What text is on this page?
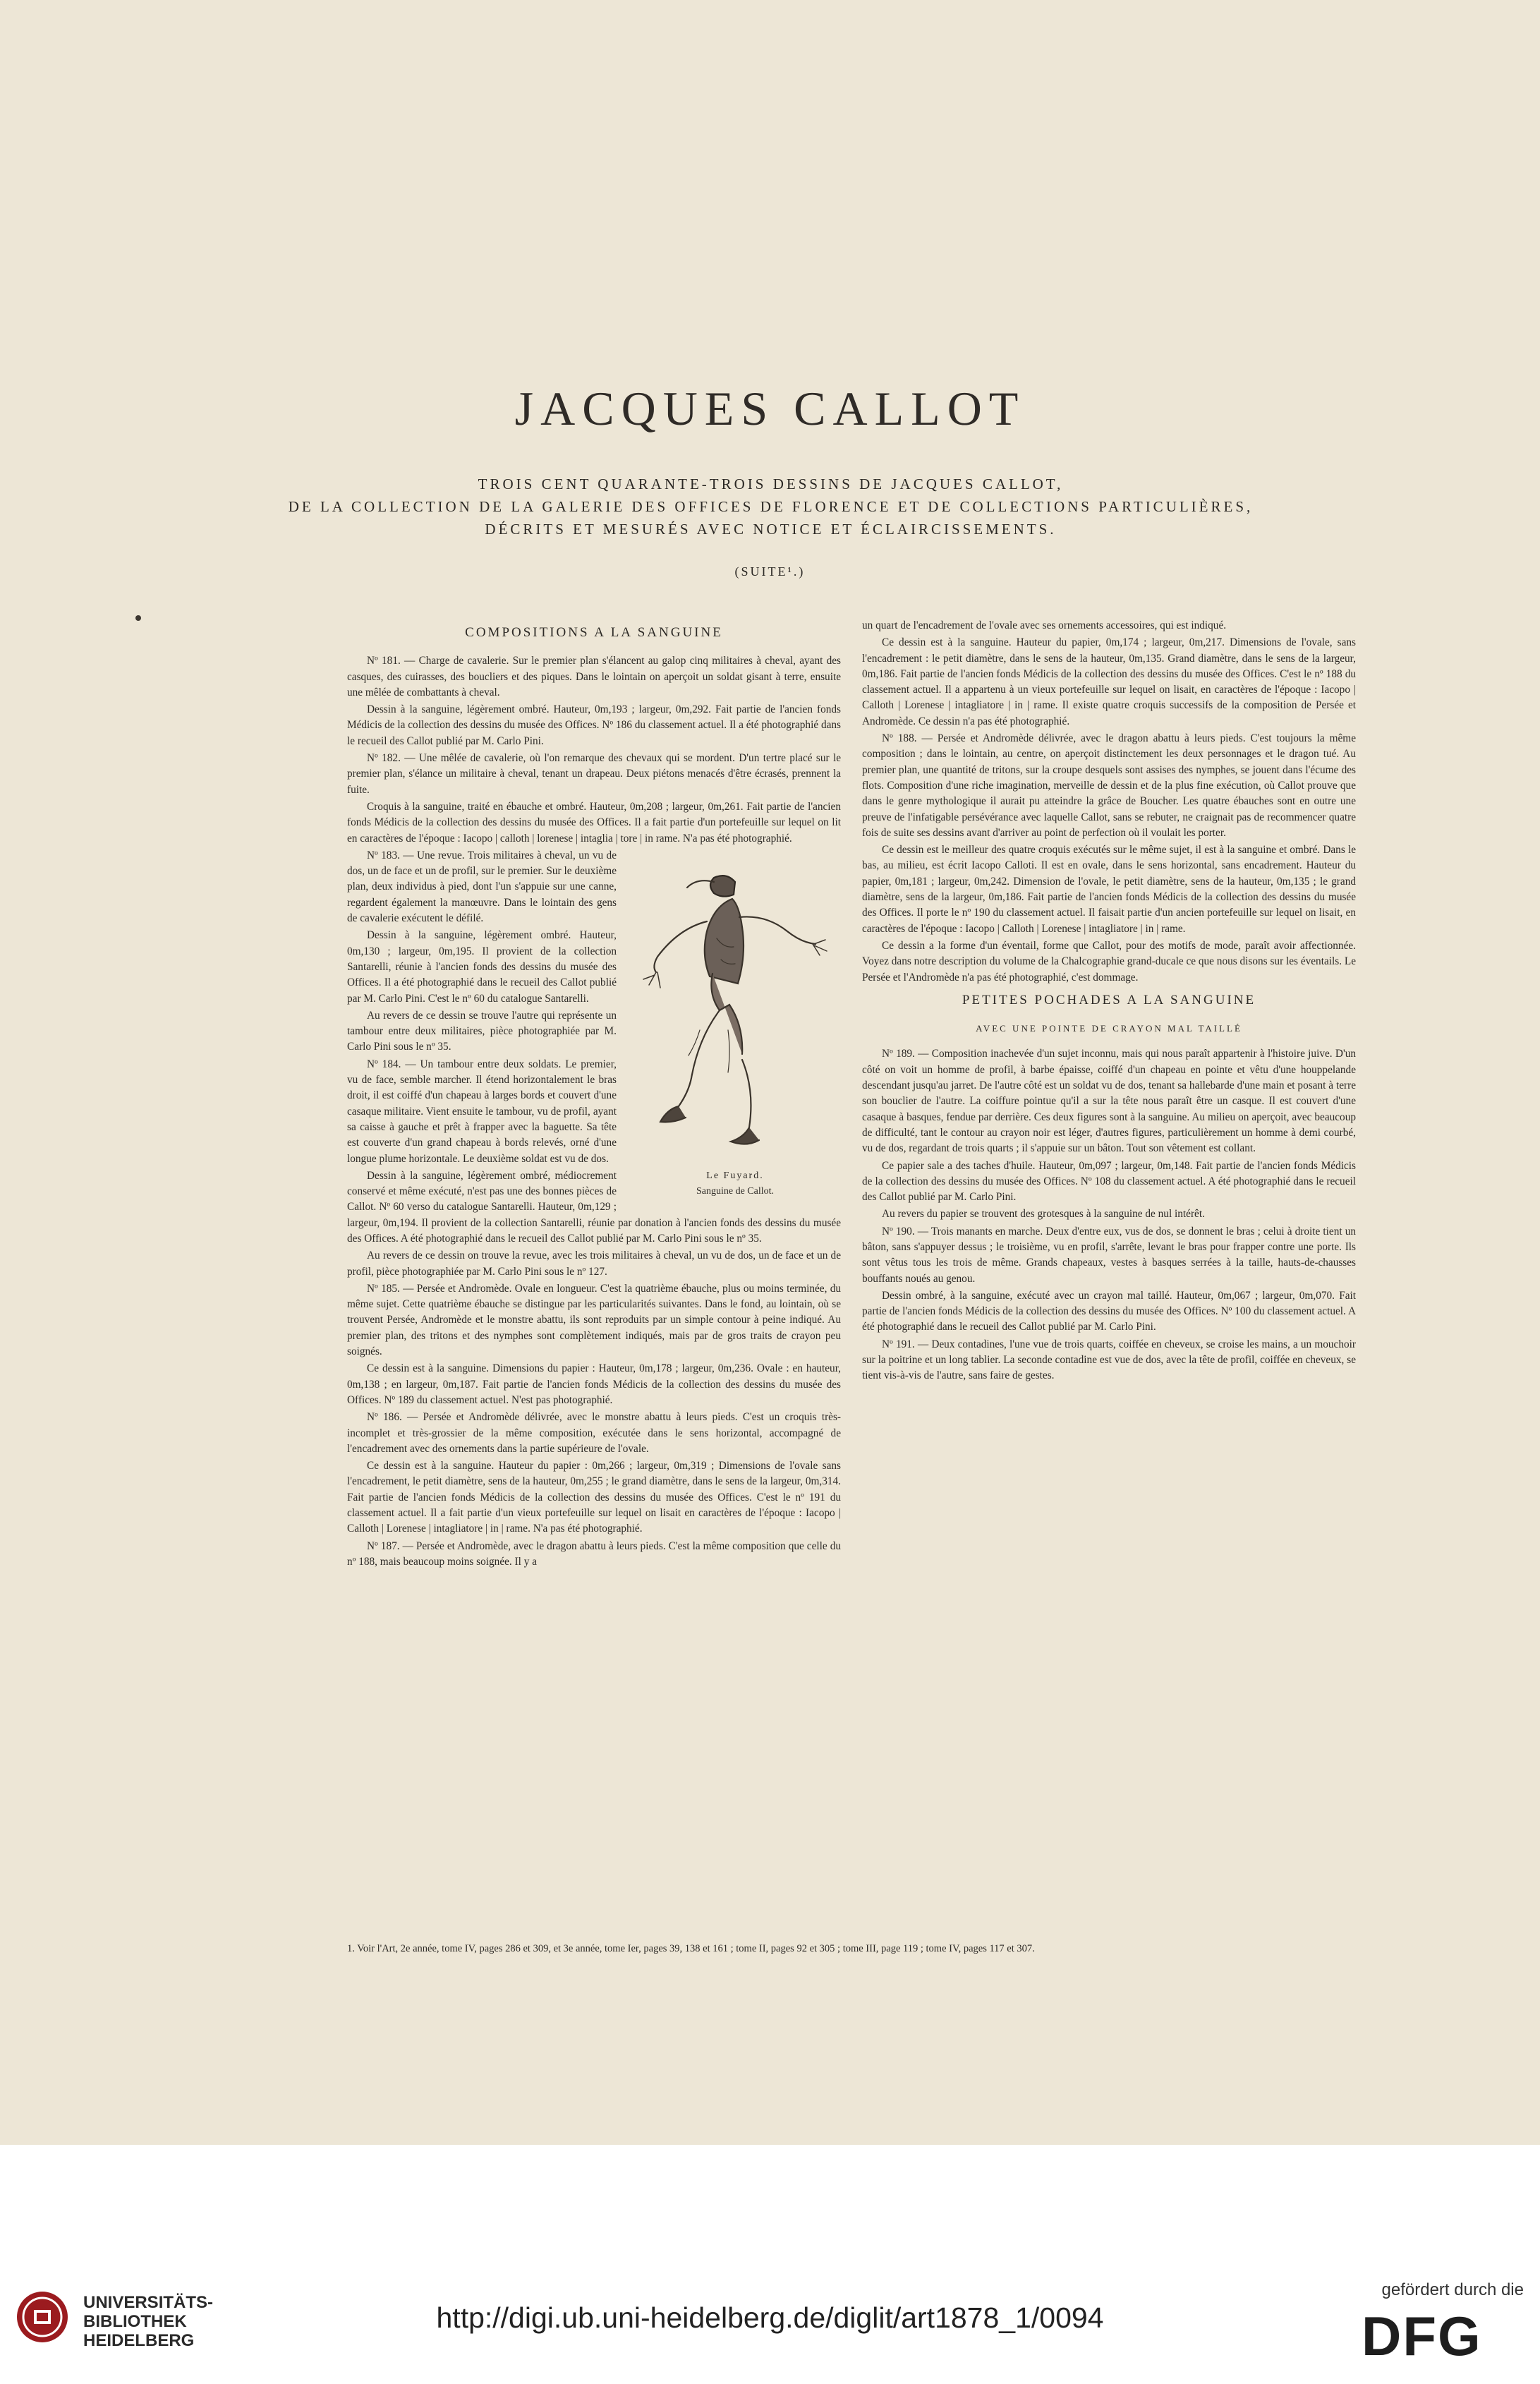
JACQUES CALLOT
TROIS CENT QUARANTE-TROIS DESSINS DE JACQUES CALLOT,
DE LA COLLECTION DE LA GALERIE DES OFFICES DE FLORENCE ET DE COLLECTIONS PARTICULIÈRES,
DÉCRITS ET MESURÉS AVEC NOTICE ET ÉCLAIRCISSEMENTS.
(SUITE¹.)
COMPOSITIONS A LA SANGUINE

Nº 181. — Charge de cavalerie. Sur le premier plan s'élancent au galop cinq militaires à cheval, ayant des casques, des cuirasses, des boucliers et des piques. Dans le lointain on aperçoit un soldat gisant à terre, ensuite une mêlée de combattants à cheval.

Dessin à la sanguine, légèrement ombré. Hauteur, 0m,193 ; largeur, 0m,292. Fait partie de l'ancien fonds Médicis de la collection des dessins du musée des Offices. Nº 186 du classement actuel. Il a été photographié dans le recueil des Callot publié par M. Carlo Pini.

Nº 182. — Une mêlée de cavalerie, où l'on remarque des chevaux qui se mordent. D'un tertre placé sur le premier plan, s'élance un militaire à cheval, tenant un drapeau. Deux piétons menacés d'être écrasés, prennent la fuite.

Croquis à la sanguine, traité en ébauche et ombré. Hauteur, 0m,208 ; largeur, 0m,261. Fait partie de l'ancien fonds Médicis de la collection des dessins du musée des Offices. Il a fait partie d'un portefeuille sur lequel on lit en caractères de l'époque : Iacopo | calloth | lorenese | intaglia | tore | in rame. N'a pas été photographié.

Le Fuyard.
Sanguine de Callot.

Nº 183. — Une revue. Trois militaires à cheval, un vu de dos, un de face et un de profil, sur le premier. Sur le deuxième plan, deux individus à pied, dont l'un s'appuie sur une canne, regardent également la manœuvre. Dans le lointain des gens de cavalerie exécutent le défilé.

Dessin à la sanguine, légèrement ombré. Hauteur, 0m,130 ; largeur, 0m,195. Il provient de la collection Santarelli, réunie à l'ancien fonds des dessins du musée des Offices. Il a été photographié dans le recueil des Callot publié par M. Carlo Pini. C'est le nº 60 du catalogue Santarelli.

Au revers de ce dessin se trouve l'autre qui représente un tambour entre deux militaires, pièce photographiée par M. Carlo Pini sous le nº 35.

Nº 184. — Un tambour entre deux soldats. Le premier, vu de face, semble marcher. Il étend horizontalement le bras droit, il est coiffé d'un chapeau à larges bords et couvert d'une casaque militaire. Vient ensuite le tambour, vu de profil, ayant sa caisse à gauche et prêt à frapper avec la baguette. Sa tête est couverte d'un grand chapeau à bords relevés, orné d'une longue plume horizontale. Le deuxième soldat est vu de dos.

Dessin à la sanguine, légèrement ombré, médiocrement conservé et même exécuté, n'est pas une des bonnes pièces de Callot. Nº 60 verso du catalogue Santarelli. Hauteur, 0m,129 ; largeur, 0m,194. Il provient de la collection Santarelli, réunie par donation à l'ancien fonds des dessins du musée des Offices. A été photographié dans le recueil des Callot publié par M. Carlo Pini sous le nº 35.

Au revers de ce dessin on trouve la revue, avec les trois militaires à cheval, un vu de dos, un de face et un de profil, pièce photographiée par M. Carlo Pini sous le nº 127.

Nº 185. — Persée et Andromède. Ovale en longueur. C'est la quatrième ébauche, plus ou moins terminée, du même sujet. Cette quatrième ébauche se distingue par les particularités suivantes. Dans le fond, au lointain, où se trouvent Persée, Andromède et le monstre abattu, ils sont reproduits par un simple contour à peine indiqué. Au premier plan, des tritons et des nymphes sont complètement indiqués, mais par de gros traits de crayon peu soignés.

Ce dessin est à la sanguine. Dimensions du papier : Hauteur, 0m,178 ; largeur, 0m,236. Ovale : en hauteur, 0m,138 ; en largeur, 0m,187. Fait partie de l'ancien fonds Médicis de la collection des dessins du musée des Offices. Nº 189 du classement actuel. N'est pas photographié.

Nº 186. — Persée et Andromède délivrée, avec le monstre abattu à leurs pieds. C'est un croquis très-incomplet et très-grossier de la même composition, exécutée dans le sens horizontal, accompagné de l'encadrement avec des ornements dans la partie supérieure de l'ovale.

Ce dessin est à la sanguine. Hauteur du papier : 0m,266 ; largeur, 0m,319 ; Dimensions de l'ovale sans l'encadrement, le petit diamètre, sens de la hauteur, 0m,255 ; le grand diamètre, dans le sens de la largeur, 0m,314. Fait partie de l'ancien fonds Médicis de la collection des dessins du musée des Offices. C'est le nº 191 du classement actuel. Il a fait partie d'un vieux portefeuille sur lequel on lisait en caractères de l'époque : Iacopo | Calloth | Lorenese | intagliatore | in | rame. N'a pas été photographié.

Nº 187. — Persée et Andromède, avec le dragon abattu à leurs pieds. C'est la même composition que celle du nº 188, mais beaucoup moins soignée. Il y a

un quart de l'encadrement de l'ovale avec ses ornements accessoires, qui est indiqué.

Ce dessin est à la sanguine. Hauteur du papier, 0m,174 ; largeur, 0m,217. Dimensions de l'ovale, sans l'encadrement : le petit diamètre, dans le sens de la hauteur, 0m,135. Grand diamètre, dans le sens de la largeur, 0m,186. Fait partie de l'ancien fonds Médicis de la collection des dessins du musée des Offices. C'est le nº 188 du classement actuel. Il a appartenu à un vieux portefeuille sur lequel on lisait, en caractères de l'époque : Iacopo | Calloth | Lorenese | intagliatore | in | rame. Il existe quatre croquis successifs de la composition de Persée et Andromède. Ce dessin n'a pas été photographié.

Nº 188. — Persée et Andromède délivrée, avec le dragon abattu à leurs pieds. C'est toujours la même composition ; dans le lointain, au centre, on aperçoit distinctement les deux personnages et le dragon tué. Au premier plan, une quantité de tritons, sur la croupe desquels sont assises des nymphes, se jouent dans l'écume des flots. Composition d'une riche imagination, merveille de dessin et de la plus fine exécution, où Callot prouve que dans le genre mythologique il aurait pu atteindre la grâce de Boucher. Les quatre ébauches sont en outre une preuve de l'infatigable persévérance avec laquelle Callot, sans se rebuter, ne craignait pas de recommencer quatre fois de suite ses dessins avant d'arriver au point de perfection où il voulait les porter.

Ce dessin est le meilleur des quatre croquis exécutés sur le même sujet, il est à la sanguine et ombré. Dans le bas, au milieu, est écrit Iacopo Calloti. Il est en ovale, dans le sens horizontal, sans encadrement. Hauteur du papier, 0m,181 ; largeur, 0m,242. Dimension de l'ovale, le petit diamètre, sens de la hauteur, 0m,135 ; le grand diamètre, sens de la largeur, 0m,186. Fait partie de l'ancien fonds Médicis de la collection des dessins du musée des Offices. Il porte le nº 190 du classement actuel. Il faisait partie d'un ancien portefeuille sur lequel on lisait, en caractères de l'époque : Iacopo | Calloth | Lorenese | intagliatore | in | rame.

Ce dessin a la forme d'un éventail, forme que Callot, pour des motifs de mode, paraît avoir affectionnée. Voyez dans notre description du volume de la Chalcographie grand-ducale ce que nous disons sur les éventails. Le Persée et l'Andromède n'a pas été photographié, c'est dommage.

PETITES POCHADES A LA SANGUINE
AVEC UNE POINTE DE CRAYON MAL TAILLÉ

Nº 189. — Composition inachevée d'un sujet inconnu, mais qui nous paraît appartenir à l'histoire juive. D'un côté on voit un homme de profil, à barbe épaisse, coiffé d'un chapeau en pointe et vêtu d'une houppelande descendant jusqu'au jarret. De l'autre côté est un soldat vu de dos, tenant sa hallebarde d'une main et posant à terre son bouclier de l'autre. La coiffure pointue qu'il a sur la tête nous paraît être un casque. Il est couvert d'une casaque à basques, fendue par derrière. Ces deux figures sont à la sanguine. Au milieu on aperçoit, avec beaucoup de difficulté, tant le contour au crayon noir est léger, d'autres figures, particulièrement un homme à demi courbé, vu de dos, regardant de trois quarts ; il s'appuie sur un bâton. Tout son vêtement est collant.

Ce papier sale a des taches d'huile. Hauteur, 0m,097 ; largeur, 0m,148. Fait partie de l'ancien fonds Médicis de la collection des dessins du musée des Offices. Nº 108 du classement actuel. A été photographié dans le recueil des Callot publié par M. Carlo Pini.

Au revers du papier se trouvent des grotesques à la sanguine de nul intérêt.

Nº 190. — Trois manants en marche. Deux d'entre eux, vus de dos, se donnent le bras ; celui à droite tient un bâton, sans s'appuyer dessus ; le troisième, vu en profil, s'arrête, levant le bras pour frapper contre une porte. Ils sont vêtus tous les trois de même. Grands chapeaux, vestes à basques serrées à la taille, hauts-de-chausses bouffants noués au genou.

Dessin ombré, à la sanguine, exécuté avec un crayon mal taillé. Hauteur, 0m,067 ; largeur, 0m,070. Fait partie de l'ancien fonds Médicis de la collection des dessins du musée des Offices. Nº 100 du classement actuel. A été photographié dans le recueil des Callot publié par M. Carlo Pini.

Nº 191. — Deux contadines, l'une vue de trois quarts, coiffée en cheveux, se croise les mains, a un mouchoir sur la poitrine et un long tablier. La seconde contadine est vue de dos, avec la tête de profil, coiffée en cheveux, se tient vis-à-vis de l'autre, sans faire de gestes.

1. Voir l'Art, 2e année, tome IV, pages 286 et 309, et 3e année, tome Ier, pages 39, 138 et 161 ; tome II, pages 92 et 305 ; tome III, page 119 ; tome IV, pages 117 et 307.
UNIVERSITÄTS-
BIBLIOTHEK
HEIDELBERG
http://digi.ub.uni-heidelberg.de/diglit/art1878_1/0094
gefördert durch die
DFG
